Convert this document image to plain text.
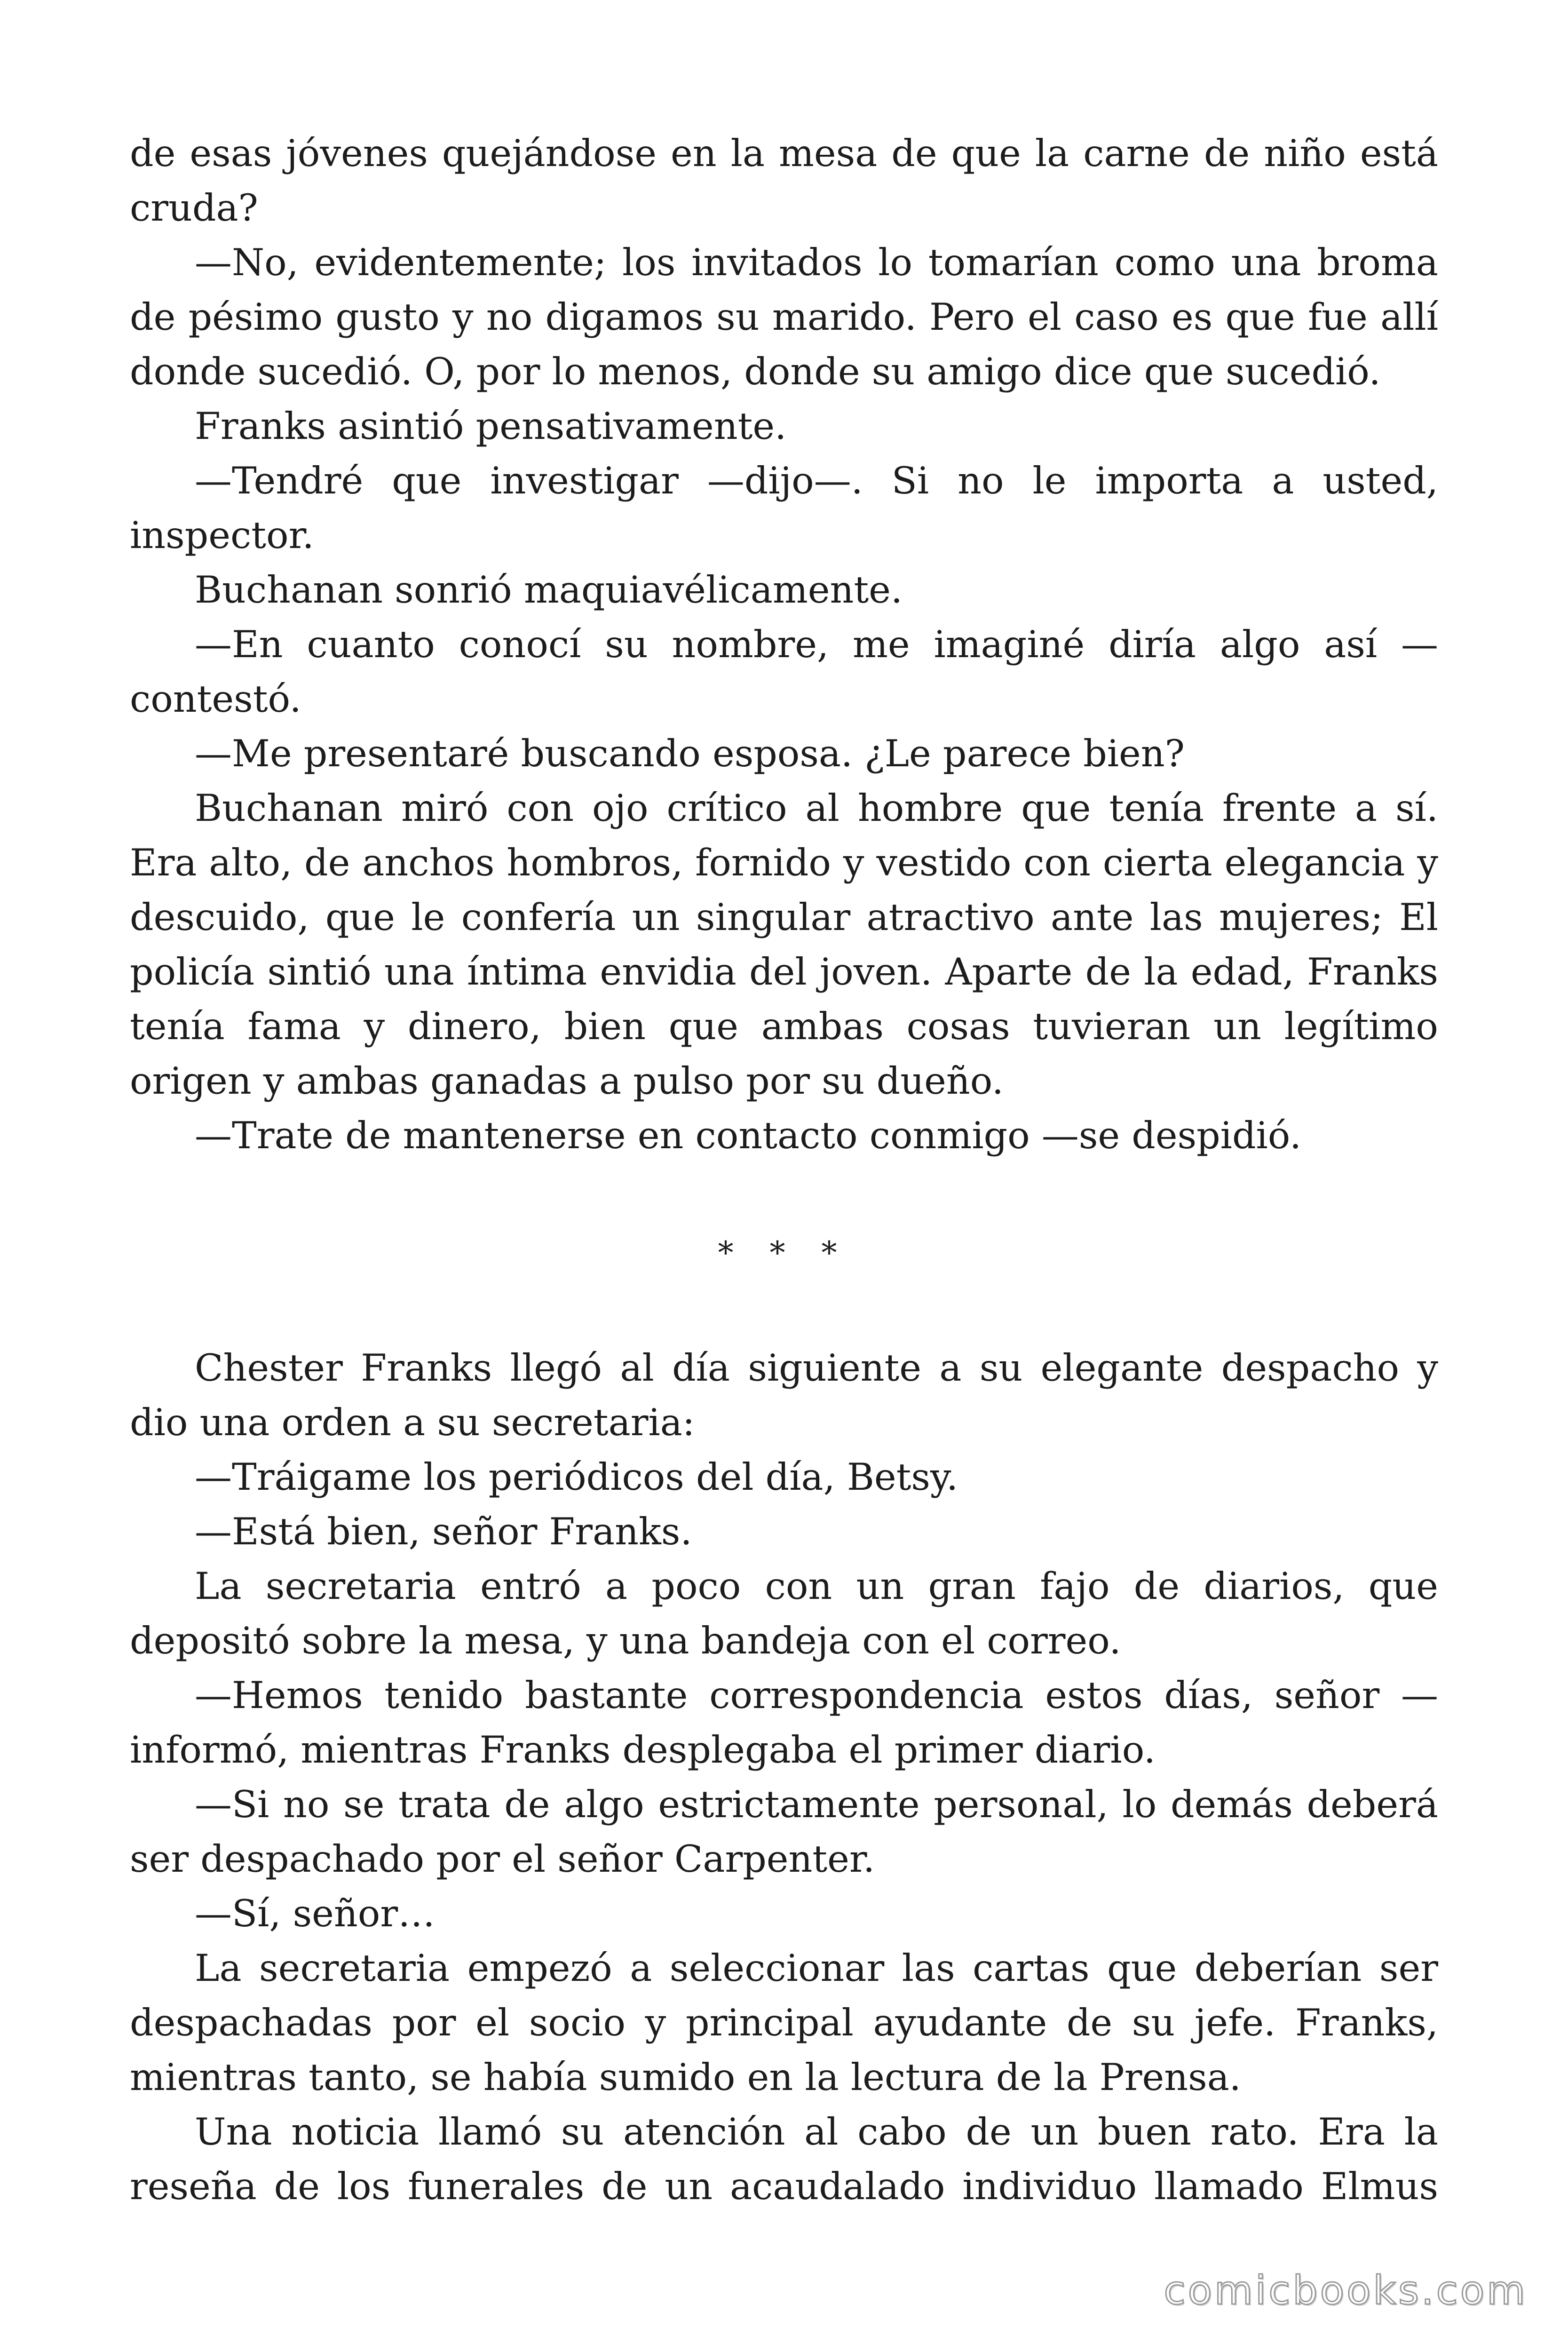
de esas jóvenes quejándose en la mesa de que la carne de niño está cruda?

—No, evidentemente; los invitados lo tomarían como una broma de pésimo gusto y no digamos su marido. Pero el caso es que fue allí donde sucedió. O, por lo menos, donde su amigo dice que sucedió.

Franks asintió pensativamente.

—Tendré que investigar —dijo—. Si no le importa a usted, inspector.

Buchanan sonrió maquiavélicamente.

—En cuanto conocí su nombre, me imaginé diría algo así —contestó.

—Me presentaré buscando esposa. ¿Le parece bien?

Buchanan miró con ojo crítico al hombre que tenía frente a sí. Era alto, de anchos hombros, fornido y vestido con cierta elegancia y descuido, que le confería un singular atractivo ante las mujeres; El policía sintió una íntima envidia del joven. Aparte de la edad, Franks tenía fama y dinero, bien que ambas cosas tuvieran un legítimo origen y ambas ganadas a pulso por su dueño.

—Trate de mantenerse en contacto conmigo —se despidió.

* * *

Chester Franks llegó al día siguiente a su elegante despacho y dio una orden a su secretaria:

—Tráigame los periódicos del día, Betsy.

—Está bien, señor Franks.

La secretaria entró a poco con un gran fajo de diarios, que depositó sobre la mesa, y una bandeja con el correo.

—Hemos tenido bastante correspondencia estos días, señor —informó, mientras Franks desplegaba el primer diario.

—Si no se trata de algo estrictamente personal, lo demás deberá ser despachado por el señor Carpenter.

—Sí, señor…

La secretaria empezó a seleccionar las cartas que deberían ser despachadas por el socio y principal ayudante de su jefe. Franks, mientras tanto, se había sumido en la lectura de la Prensa.

Una noticia llamó su atención al cabo de un buen rato. Era la reseña de los funerales de un acaudalado individuo llamado Elmus

comicbooks.com
